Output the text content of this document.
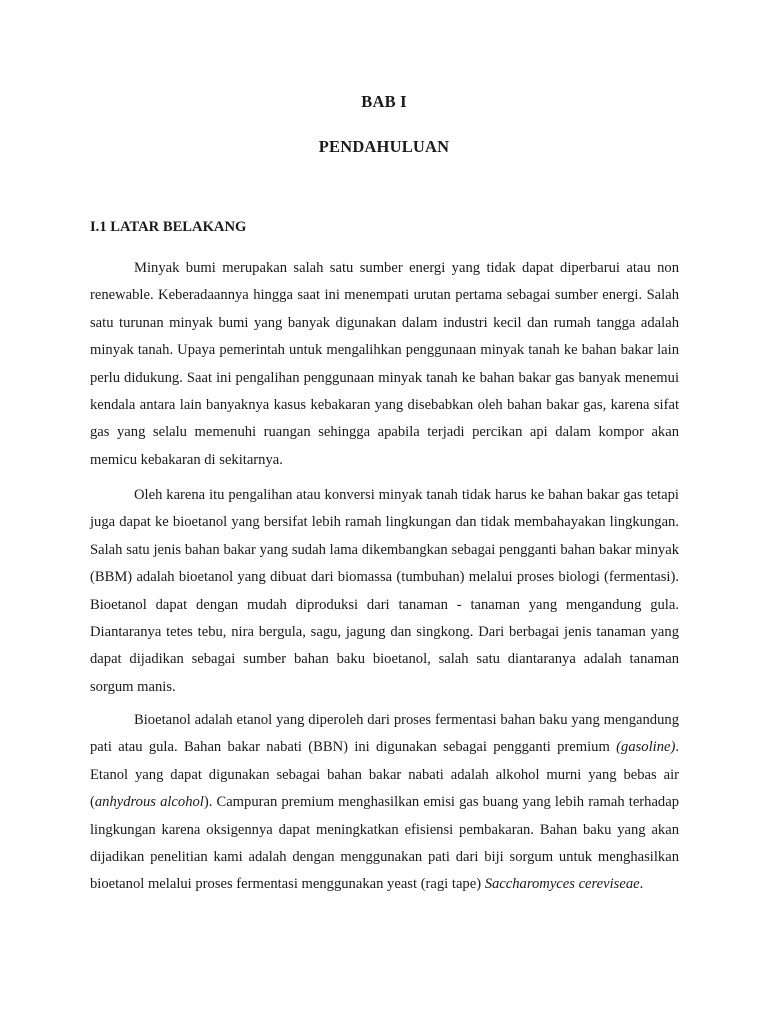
BAB I
PENDAHULUAN
I.1 LATAR BELAKANG

Minyak bumi merupakan salah satu sumber energi yang tidak dapat diperbarui atau non renewable. Keberadaannya hingga saat ini menempati urutan pertama sebagai sumber energi. Salah satu turunan minyak bumi yang banyak digunakan dalam industri kecil dan rumah tangga adalah minyak tanah. Upaya pemerintah untuk mengalihkan penggunaan minyak tanah ke bahan bakar lain perlu didukung. Saat ini pengalihan penggunaan minyak tanah ke bahan bakar gas banyak menemui kendala antara lain banyaknya kasus kebakaran yang disebabkan oleh bahan bakar gas, karena sifat gas yang selalu memenuhi ruangan sehingga apabila terjadi percikan api dalam kompor akan memicu kebakaran di sekitarnya.

Oleh karena itu pengalihan atau konversi minyak tanah tidak harus ke bahan bakar gas tetapi juga dapat ke bioetanol yang bersifat lebih ramah lingkungan dan tidak membahayakan lingkungan. Salah satu jenis bahan bakar yang sudah lama dikembangkan sebagai pengganti bahan bakar minyak (BBM) adalah bioetanol yang dibuat dari biomassa (tumbuhan) melalui proses biologi (fermentasi). Bioetanol dapat dengan mudah diproduksi dari tanaman - tanaman yang mengandung gula. Diantaranya tetes tebu, nira bergula, sagu, jagung dan singkong. Dari berbagai jenis tanaman yang dapat dijadikan sebagai sumber bahan baku bioetanol, salah satu diantaranya adalah tanaman sorgum manis.

Bioetanol adalah etanol yang diperoleh dari proses fermentasi bahan baku yang mengandung pati atau gula. Bahan bakar nabati (BBN) ini digunakan sebagai pengganti premium (gasoline). Etanol yang dapat digunakan sebagai bahan bakar nabati adalah alkohol murni yang bebas air (anhydrous alcohol). Campuran premium menghasilkan emisi gas buang yang lebih ramah terhadap lingkungan karena oksigennya dapat meningkatkan efisiensi pembakaran. Bahan baku yang akan dijadikan penelitian kami adalah dengan menggunakan pati dari biji sorgum untuk menghasilkan bioetanol melalui proses fermentasi menggunakan yeast (ragi tape) Saccharomyces cereviseae.
